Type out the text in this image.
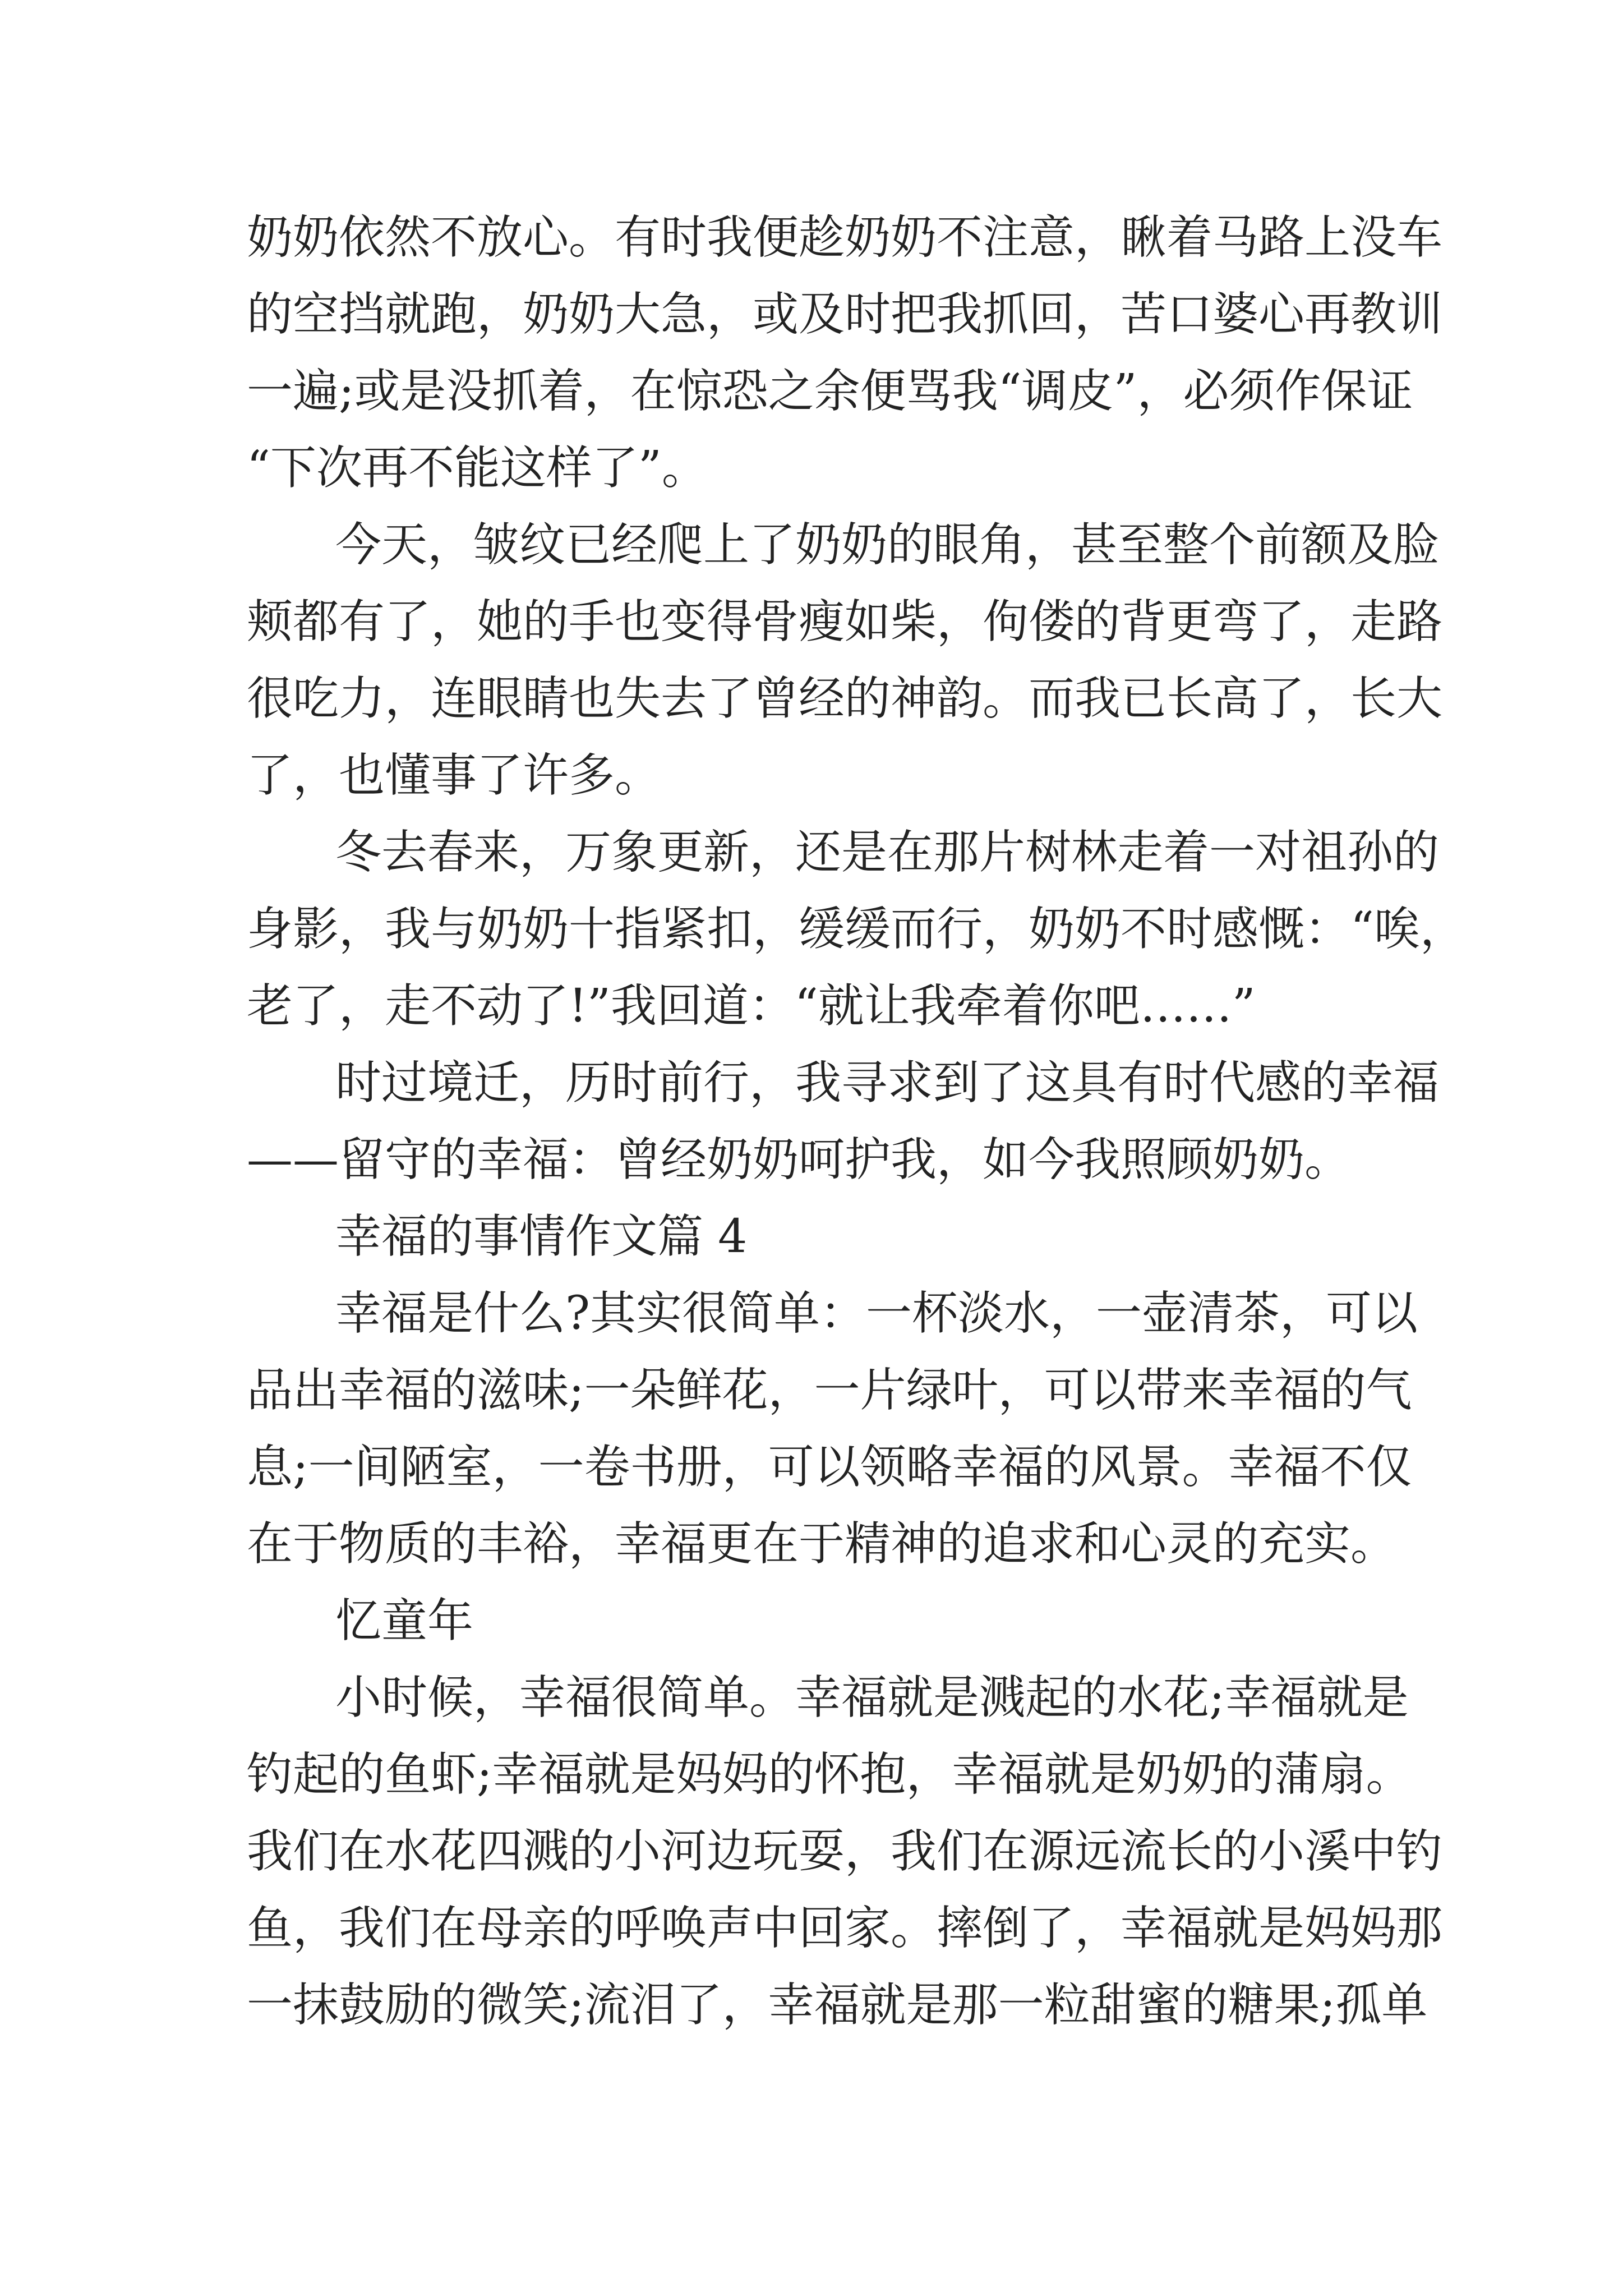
奶奶依然不放心。有时我便趁奶奶不注意，瞅着马路上没车
的空挡就跑，奶奶大急，或及时把我抓回，苦口婆心再教训
一遍;或是没抓着，在惊恐之余便骂我“调皮”，必须作保证
“下次再不能这样了”。
今天，皱纹已经爬上了奶奶的眼角，甚至整个前额及脸
颊都有了，她的手也变得骨瘦如柴，佝偻的背更弯了，走路
很吃力，连眼睛也失去了曾经的神韵。而我已长高了，长大
了，也懂事了许多。
冬去春来，万象更新，还是在那片树林走着一对祖孙的
身影，我与奶奶十指紧扣，缓缓而行，奶奶不时感慨：“唉，
老了，走不动了!”我回道：“就让我牵着你吧……”
时过境迁，历时前行，我寻求到了这具有时代感的幸福
——留守的幸福：曾经奶奶呵护我，如今我照顾奶奶。
幸福的事情作文篇 4
幸福是什么?其实很简单：一杯淡水，一壶清茶，可以
品出幸福的滋味;一朵鲜花，一片绿叶，可以带来幸福的气
息;一间陋室，一卷书册，可以领略幸福的风景。幸福不仅
在于物质的丰裕，幸福更在于精神的追求和心灵的充实。
忆童年
小时候，幸福很简单。幸福就是溅起的水花;幸福就是
钓起的鱼虾;幸福就是妈妈的怀抱，幸福就是奶奶的蒲扇。
我们在水花四溅的小河边玩耍，我们在源远流长的小溪中钓
鱼，我们在母亲的呼唤声中回家。摔倒了，幸福就是妈妈那
一抹鼓励的微笑;流泪了，幸福就是那一粒甜蜜的糖果;孤单
